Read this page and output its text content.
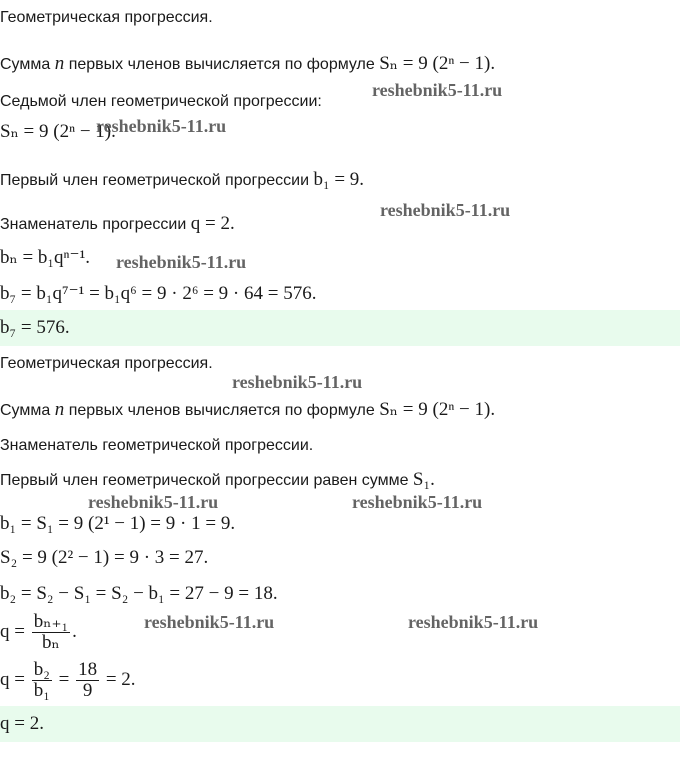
Геометрическая прогрессия.
Сумма n первых членов вычисляется по формуле Sₙ = 9 (2ⁿ − 1).
Седьмой член геометрической прогрессии:
Sₙ = 9 (2ⁿ − 1).
Первый член геометрической прогрессии b₁ = 9.
Знаменатель прогрессии q = 2.
bₙ = b₁qⁿ⁻¹.
b₇ = b₁q⁷⁻¹ = b₁q⁶ = 9 · 2⁶ = 9 · 64 = 576.
b₇ = 576.
Геометрическая прогрессия.
Сумма n первых членов вычисляется по формуле Sₙ = 9 (2ⁿ − 1).
Знаменатель геометрической прогрессии.
Первый член геометрической прогрессии равен сумме S₁.
b₁ = S₁ = 9 (2¹ − 1) = 9 · 1 = 9.
S₂ = 9 (2² − 1) = 9 · 3 = 27.
b₂ = S₂ − S₁ = S₂ − b₁ = 27 − 9 = 18.
$q = \frac{\text{bₙ₊₁}}{\text{bₙ}}$ .
$q = \frac{\text{b₂}}{\text{b₁}} = \frac{18}{9} = 2$.
q = 2.
reshebnik5-11.ru
reshebnik5-11.ru
reshebnik5-11.ru
reshebnik5-11.ru
reshebnik5-11.ru
reshebnik5-11.ru	reshebnik5-11.ru
reshebnik5-11.ru	reshebnik5-11.ru
